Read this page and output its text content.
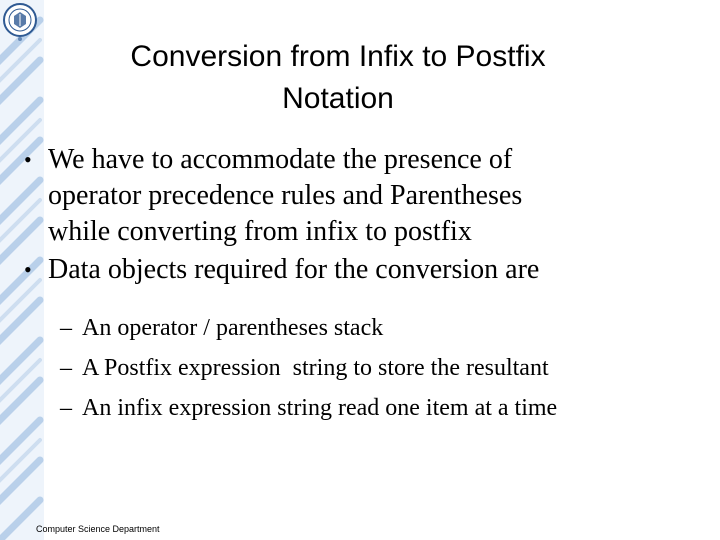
Conversion from Infix to Postfix
Notation
• We have to accommodate the presence of
operator precedence rules and Parentheses
while converting from infix to postfix
• Data objects required for the conversion are
– An operator / parentheses stack
– A Postfix expression  string to store the resultant
– An infix expression string read one item at a time
Computer Science Department
